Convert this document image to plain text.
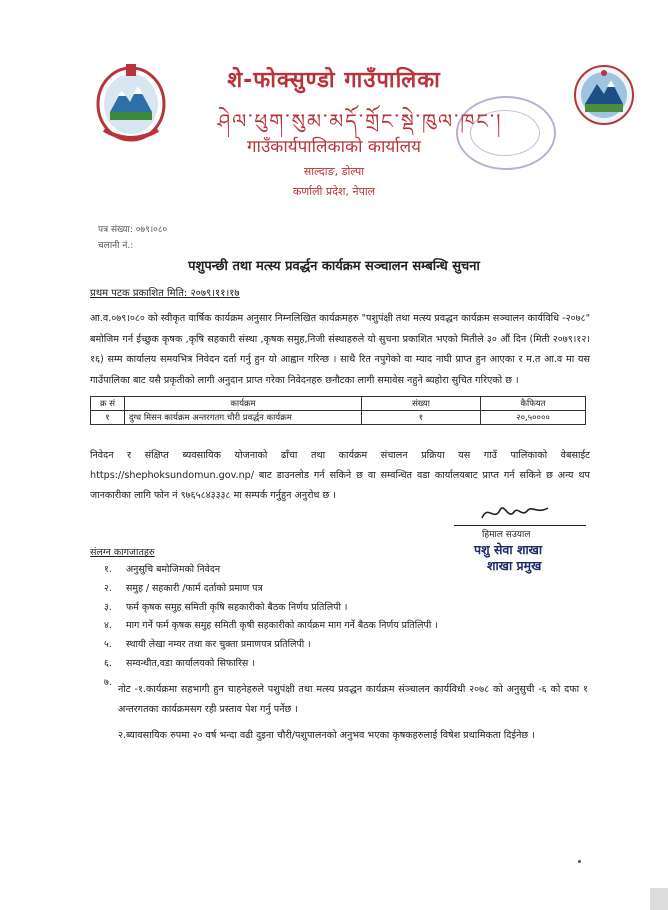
शे-फोक्सुण्डो गाउँपालिका
ཤེལ་ཕུག་སུམ་མདོ་གྲོང་སྡེ་ཁུལ་ཁང་།
गाउँकार्यपालिकाको कार्यालय
साल्दाङ, डोल्पा
कर्णाली प्रदेश, नेपाल
पत्र संख्या: ०७९।०८०
चलानी नं.:
पशुपन्छी तथा मत्स्य प्रवर्द्धन कार्यक्रम सञ्चालन सम्बन्धि सुचना
प्रथम पटक प्रकाशित मिति: २०७९।११।१७
आ.व.०७९।०८० को स्वीकृत वार्षिक कार्यक्रम अनुसार निम्नलिखित कार्यक्रमहरु "पशुपंक्षी तथा मत्स्य प्रवद्धन कार्यक्रम सञ्चालन कार्यविधि -२०७८" बमोजिम गर्न ईच्छुक कृषक ,कृषि सहकारी संस्था ,कृषक समुह,निजी संस्थाहरुले यो सुचना प्रकाशित भएको मितीले ३० औं दिन (मिती २०७९।१२।१६) सम्म कार्यालय समयभित्र निवेदन दर्ता गर्नु हुन यो आह्वान गरिन्छ । साथै रित नपुगेको वा म्याद नाघी प्राप्त हुन आएका र म.त आ.व मा यस गाउँपालिका बाट यसै प्रकृतीको लागी अनुदान प्राप्त गरेका निवेदनहरु छनौटका लागी समावेस नहुने ब्यहोरा सुचित गरिएको छ ।
क्र सं	कार्यक्रम	संख्या	कैफियत
१	दुग्ध मिसन कार्यक्रम अन्तरगतग चौरी प्रवर्द्धन कार्यक्रम	१	२०,५००००
निवेदन र संक्षिप्त ब्यवसायिक योजनाको ढाँचा तथा कार्यक्रम संचालन प्रक्रिया यस गाउँ पालिकाको वेबसाईट https://shephoksundomun.gov.np/ बाट डाउनलोड गर्न सकिने छ वा सम्वन्धित वडा कार्यालयबाट प्राप्त गर्न सकिने छ अन्य थप जानकारीका लागि फोन नं ९७६५८४३३३८ मा सम्पर्क गर्नुहुन अनुरोध छ ।
हिमाल सउयाल
पशु सेवा शाखा
शाखा प्रमुख
संलग्न कागजातहरु
१. अनुसुचि बमोजिमको निवेदन
२. समुह / सहकारी /फार्म दर्ताको प्रमाण पत्र
३. फर्म कृषक समुह समिती कृषि सहकारीको बैठक निर्णय प्रतिलिपी ।
४. माग गर्ने फर्म कृषक समुह समिती कृषी सहकारीको कार्यक्रम माग गर्ने बैठक निर्णय प्रतिलिपी ।
५. स्थायी लेखा नम्वर तथा कर चुक्ता प्रमाणपत्र प्रतिलिपी ।
६. सम्वन्धीत,वडा कार्यालयको सिफारिस ।
७.
नोट -१.कार्यक्रमा सहभागी हुन चाहनेहरुले पशुपंक्षी तथा मत्स्य प्रवद्धन कार्यक्रम संञ्चालन कार्यविधी २०७८ को अनुसुची -६ को दफा १ अन्तरगतका कार्यक्रमसग रही प्रस्ताव पेश गर्नु पर्नेछ ।
२.ब्यावसायिक रुपमा २० वर्ष भन्दा वढी दुइना चौरी/पशुपालनको अनुभव भएका कृषकहरुलाई विषेश प्रथामिकता दिईनेछ ।
